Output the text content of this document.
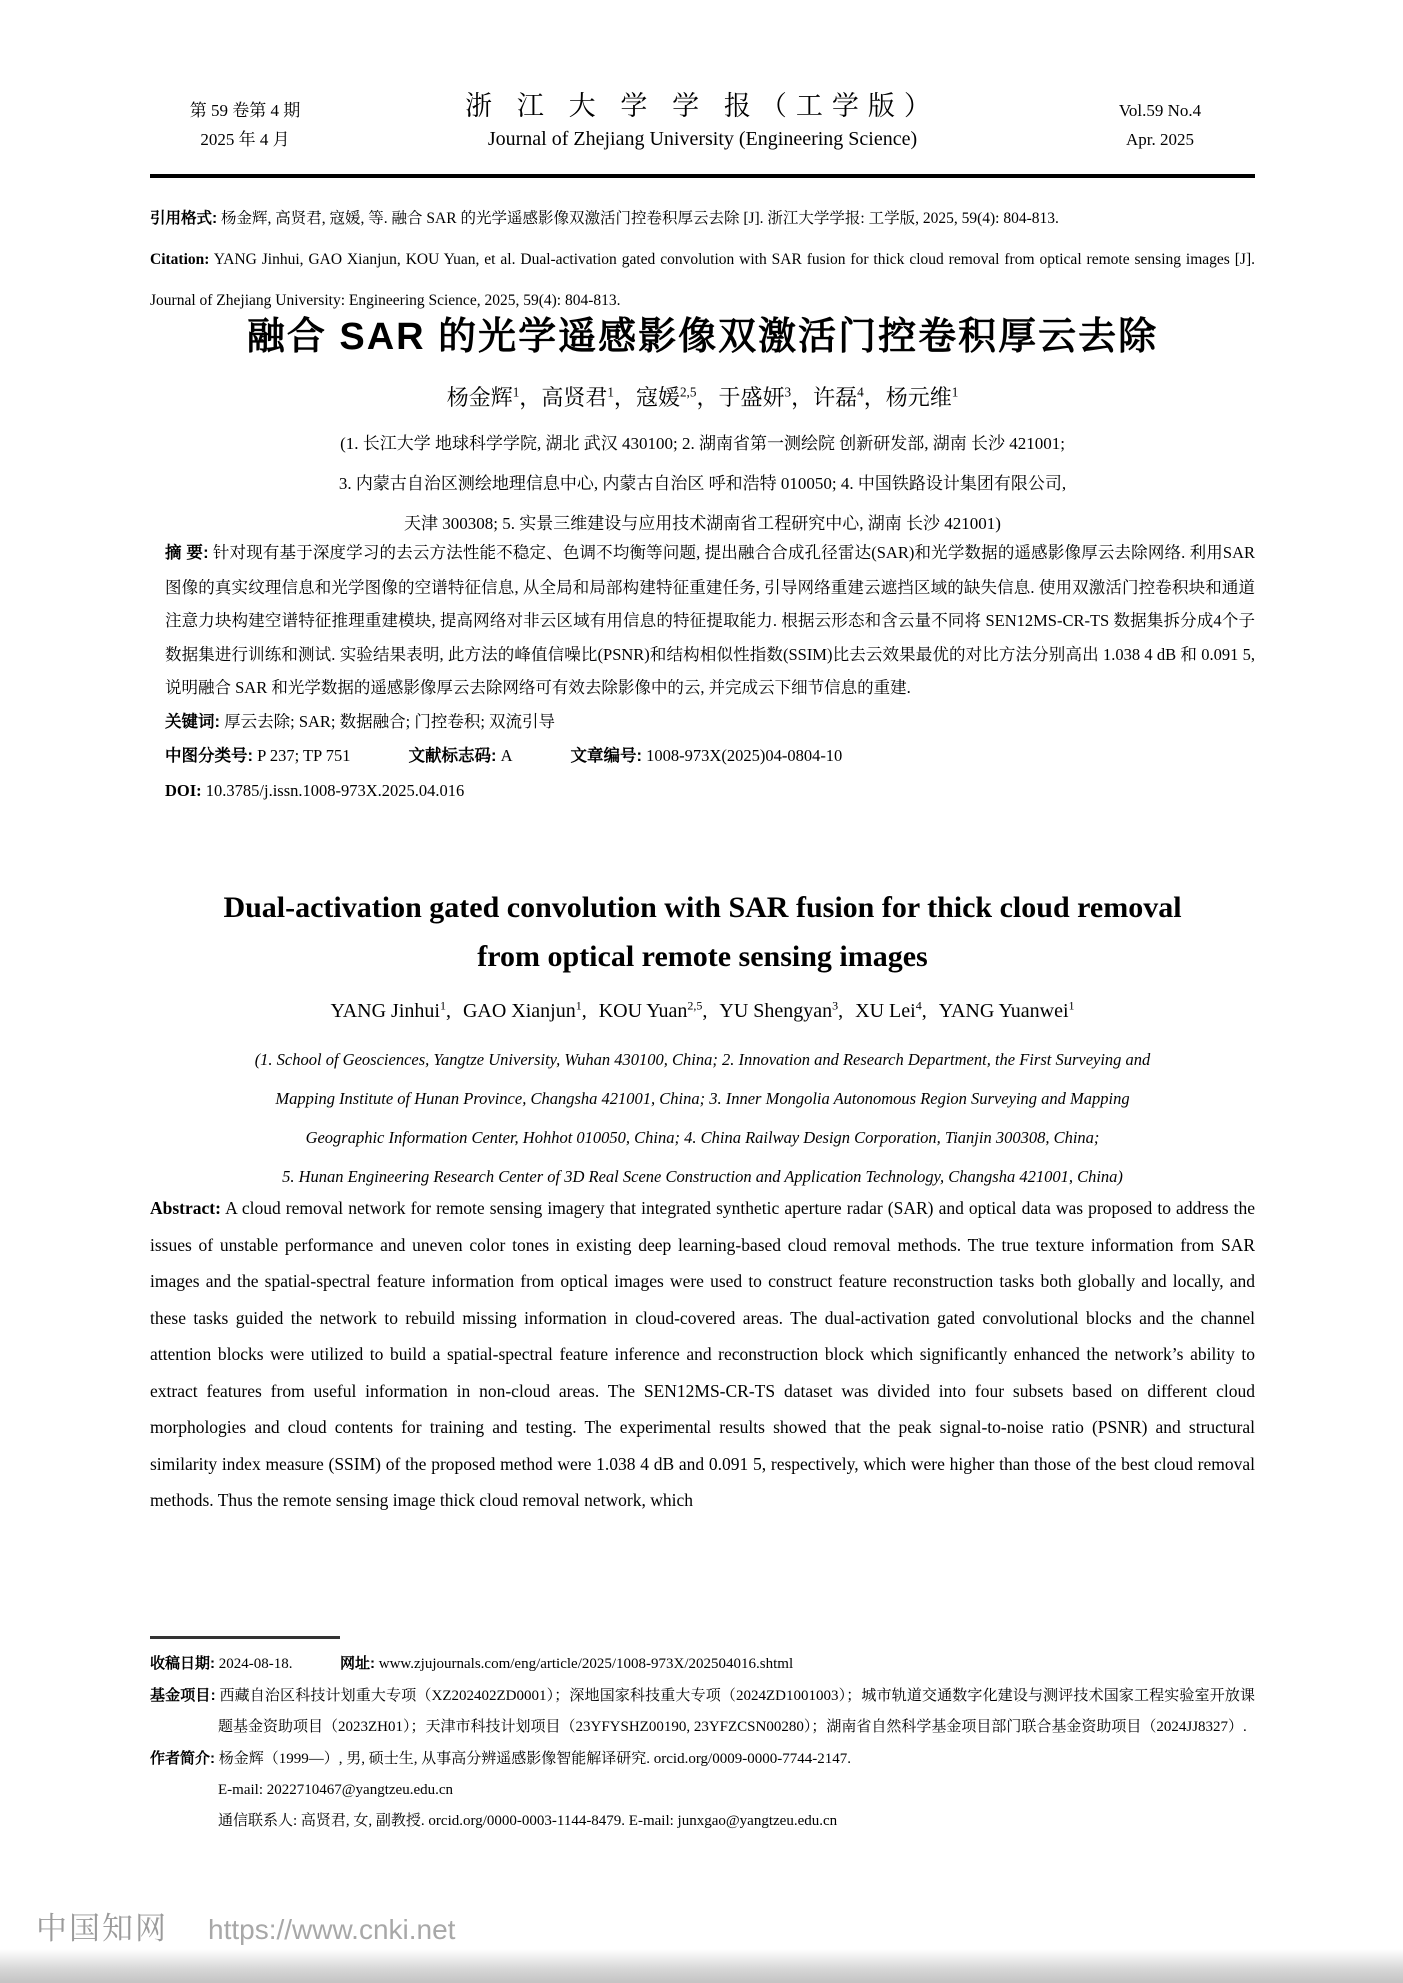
第 59 卷第 4 期
2025 年 4 月
浙 江 大 学 学 报（工学版）
Journal of Zhejiang University (Engineering Science)
Vol.59 No.4
Apr. 2025

引用格式: 杨金辉, 高贤君, 寇媛, 等. 融合 SAR 的光学遥感影像双激活门控卷积厚云去除 [J]. 浙江大学学报: 工学版, 2025, 59(4): 804-813.

Citation: YANG Jinhui, GAO Xianjun, KOU Yuan, et al. Dual-activation gated convolution with SAR fusion for thick cloud removal from optical remote sensing images [J]. Journal of Zhejiang University: Engineering Science, 2025, 59(4): 804-813.

融合 SAR 的光学遥感影像双激活门控卷积厚云去除
杨金辉$^1$，高贤君$^1$，寇媛$^{2,5}$，于盛妍$^3$，许磊$^4$，杨元维$^1$
(1. 长江大学 地球科学学院, 湖北 武汉 430100; 2. 湖南省第一测绘院 创新研发部, 湖南 长沙 421001;
3. 内蒙古自治区测绘地理信息中心, 内蒙古自治区 呼和浩特 010050; 4. 中国铁路设计集团有限公司,
天津 300308; 5. 实景三维建设与应用技术湖南省工程研究中心, 湖南 长沙 421001)

摘 要: 针对现有基于深度学习的去云方法性能不稳定、色调不均衡等问题, 提出融合合成孔径雷达(SAR)和光学数据的遥感影像厚云去除网络. 利用SAR图像的真实纹理信息和光学图像的空谱特征信息, 从全局和局部构建特征重建任务, 引导网络重建云遮挡区域的缺失信息. 使用双激活门控卷积块和通道注意力块构建空谱特征推理重建模块, 提高网络对非云区域有用信息的特征提取能力. 根据云形态和含云量不同将 SEN12MS-CR-TS 数据集拆分成4个子数据集进行训练和测试. 实验结果表明, 此方法的峰值信噪比(PSNR)和结构相似性指数(SSIM)比去云效果最优的对比方法分别高出 1.038 4 dB 和 0.091 5, 说明融合 SAR 和光学数据的遥感影像厚云去除网络可有效去除影像中的云, 并完成云下细节信息的重建.

关键词: 厚云去除; SAR; 数据融合; 门控卷积; 双流引导

中图分类号: P 237; TP 751	文献标志码: A	文章编号: 1008-973X(2025)04-0804-10

DOI: 10.3785/j.issn.1008-973X.2025.04.016

Dual-activation gated convolution with SAR fusion for thick cloud removal from optical remote sensing images
YANG Jinhui$^1$, GAO Xianjun$^1$, KOU Yuan$^{2,5}$, YU Shengyan$^3$, XU Lei$^4$, YANG Yuanwei$^1$
(1. School of Geosciences, Yangtze University, Wuhan 430100, China; 2. Innovation and Research Department, the First Surveying and
Mapping Institute of Hunan Province, Changsha 421001, China; 3. Inner Mongolia Autonomous Region Surveying and Mapping
Geographic Information Center, Hohhot 010050, China; 4. China Railway Design Corporation, Tianjin 300308, China;
5. Hunan Engineering Research Center of 3D Real Scene Construction and Application Technology, Changsha 421001, China)

Abstract: A cloud removal network for remote sensing imagery that integrated synthetic aperture radar (SAR) and optical data was proposed to address the issues of unstable performance and uneven color tones in existing deep learning-based cloud removal methods. The true texture information from SAR images and the spatial-spectral feature information from optical images were used to construct feature reconstruction tasks both globally and locally, and these tasks guided the network to rebuild missing information in cloud-covered areas. The dual-activation gated convolutional blocks and the channel attention blocks were utilized to build a spatial-spectral feature inference and reconstruction block which significantly enhanced the network’s ability to extract features from useful information in non-cloud areas. The SEN12MS-CR-TS dataset was divided into four subsets based on different cloud morphologies and cloud contents for training and testing. The experimental results showed that the peak signal-to-noise ratio (PSNR) and structural similarity index measure (SSIM) of the proposed method were 1.038 4 dB and 0.091 5, respectively, which were higher than those of the best cloud removal methods. Thus the remote sensing image thick cloud removal network, which

收稿日期: 2024-08-18.	网址: www.zjujournals.com/eng/article/2025/1008-973X/202504016.shtml
基金项目: 西藏自治区科技计划重大专项（XZ202402ZD0001）；深地国家科技重大专项（2024ZD1001003）；城市轨道交通数字化建设与测评技术国家工程实验室开放课题基金资助项目（2023ZH01）；天津市科技计划项目（23YFYSHZ00190, 23YFZCSN00280）；湖南省自然科学基金项目部门联合基金资助项目（2024JJ8327）.
作者简介: 杨金辉（1999—）, 男, 硕士生, 从事高分辨遥感影像智能解译研究. orcid.org/0009-0000-7744-2147.
E-mail: 2022710467@yangtzeu.edu.cn
通信联系人: 高贤君, 女, 副教授. orcid.org/0000-0003-1144-8479. E-mail: junxgao@yangtzeu.edu.cn
中国知网 https://www.cnki.net
